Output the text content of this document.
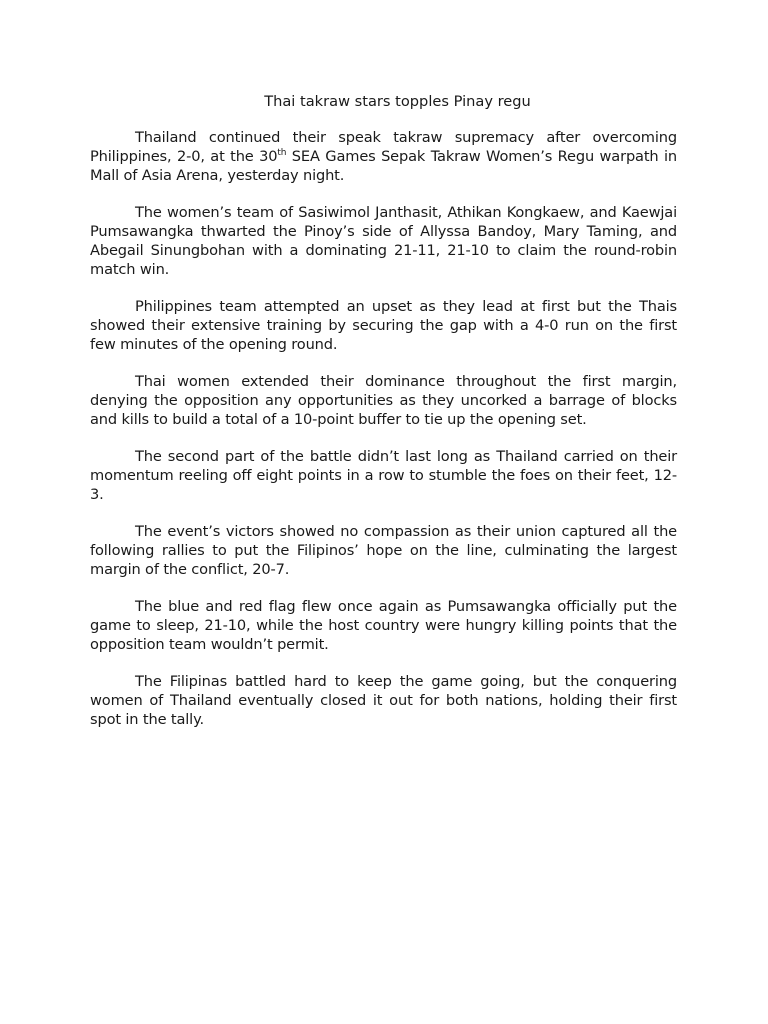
Thai takraw stars topples Pinay regu

Thailand continued their speak takraw supremacy after overcoming Philippines, 2-0, at the 30th SEA Games Sepak Takraw Women’s Regu warpath in Mall of Asia Arena, yesterday night.

The women’s team of Sasiwimol Janthasit, Athikan Kongkaew, and Kaewjai Pumsawangka thwarted the Pinoy’s side of Allyssa Bandoy, Mary Taming, and Abegail Sinungbohan with a dominating 21-11, 21-10 to claim the round-robin match win.

Philippines team attempted an upset as they lead at first but the Thais showed their extensive training by securing the gap with a 4-0 run on the first few minutes of the opening round.

Thai women extended their dominance throughout the first margin, denying the opposition any opportunities as they uncorked a barrage of blocks and kills to build a total of a 10-point buffer to tie up the opening set.

The second part of the battle didn’t last long as Thailand carried on their momentum reeling off eight points in a row to stumble the foes on their feet, 12-3.

The event’s victors showed no compassion as their union captured all the following rallies to put the Filipinos’ hope on the line, culminating the largest margin of the conflict, 20-7.

The blue and red flag flew once again as Pumsawangka officially put the game to sleep, 21-10, while the host country were hungry killing points that the opposition team wouldn’t permit.

The Filipinas battled hard to keep the game going, but the conquering women of Thailand eventually closed it out for both nations, holding their first spot in the tally.
